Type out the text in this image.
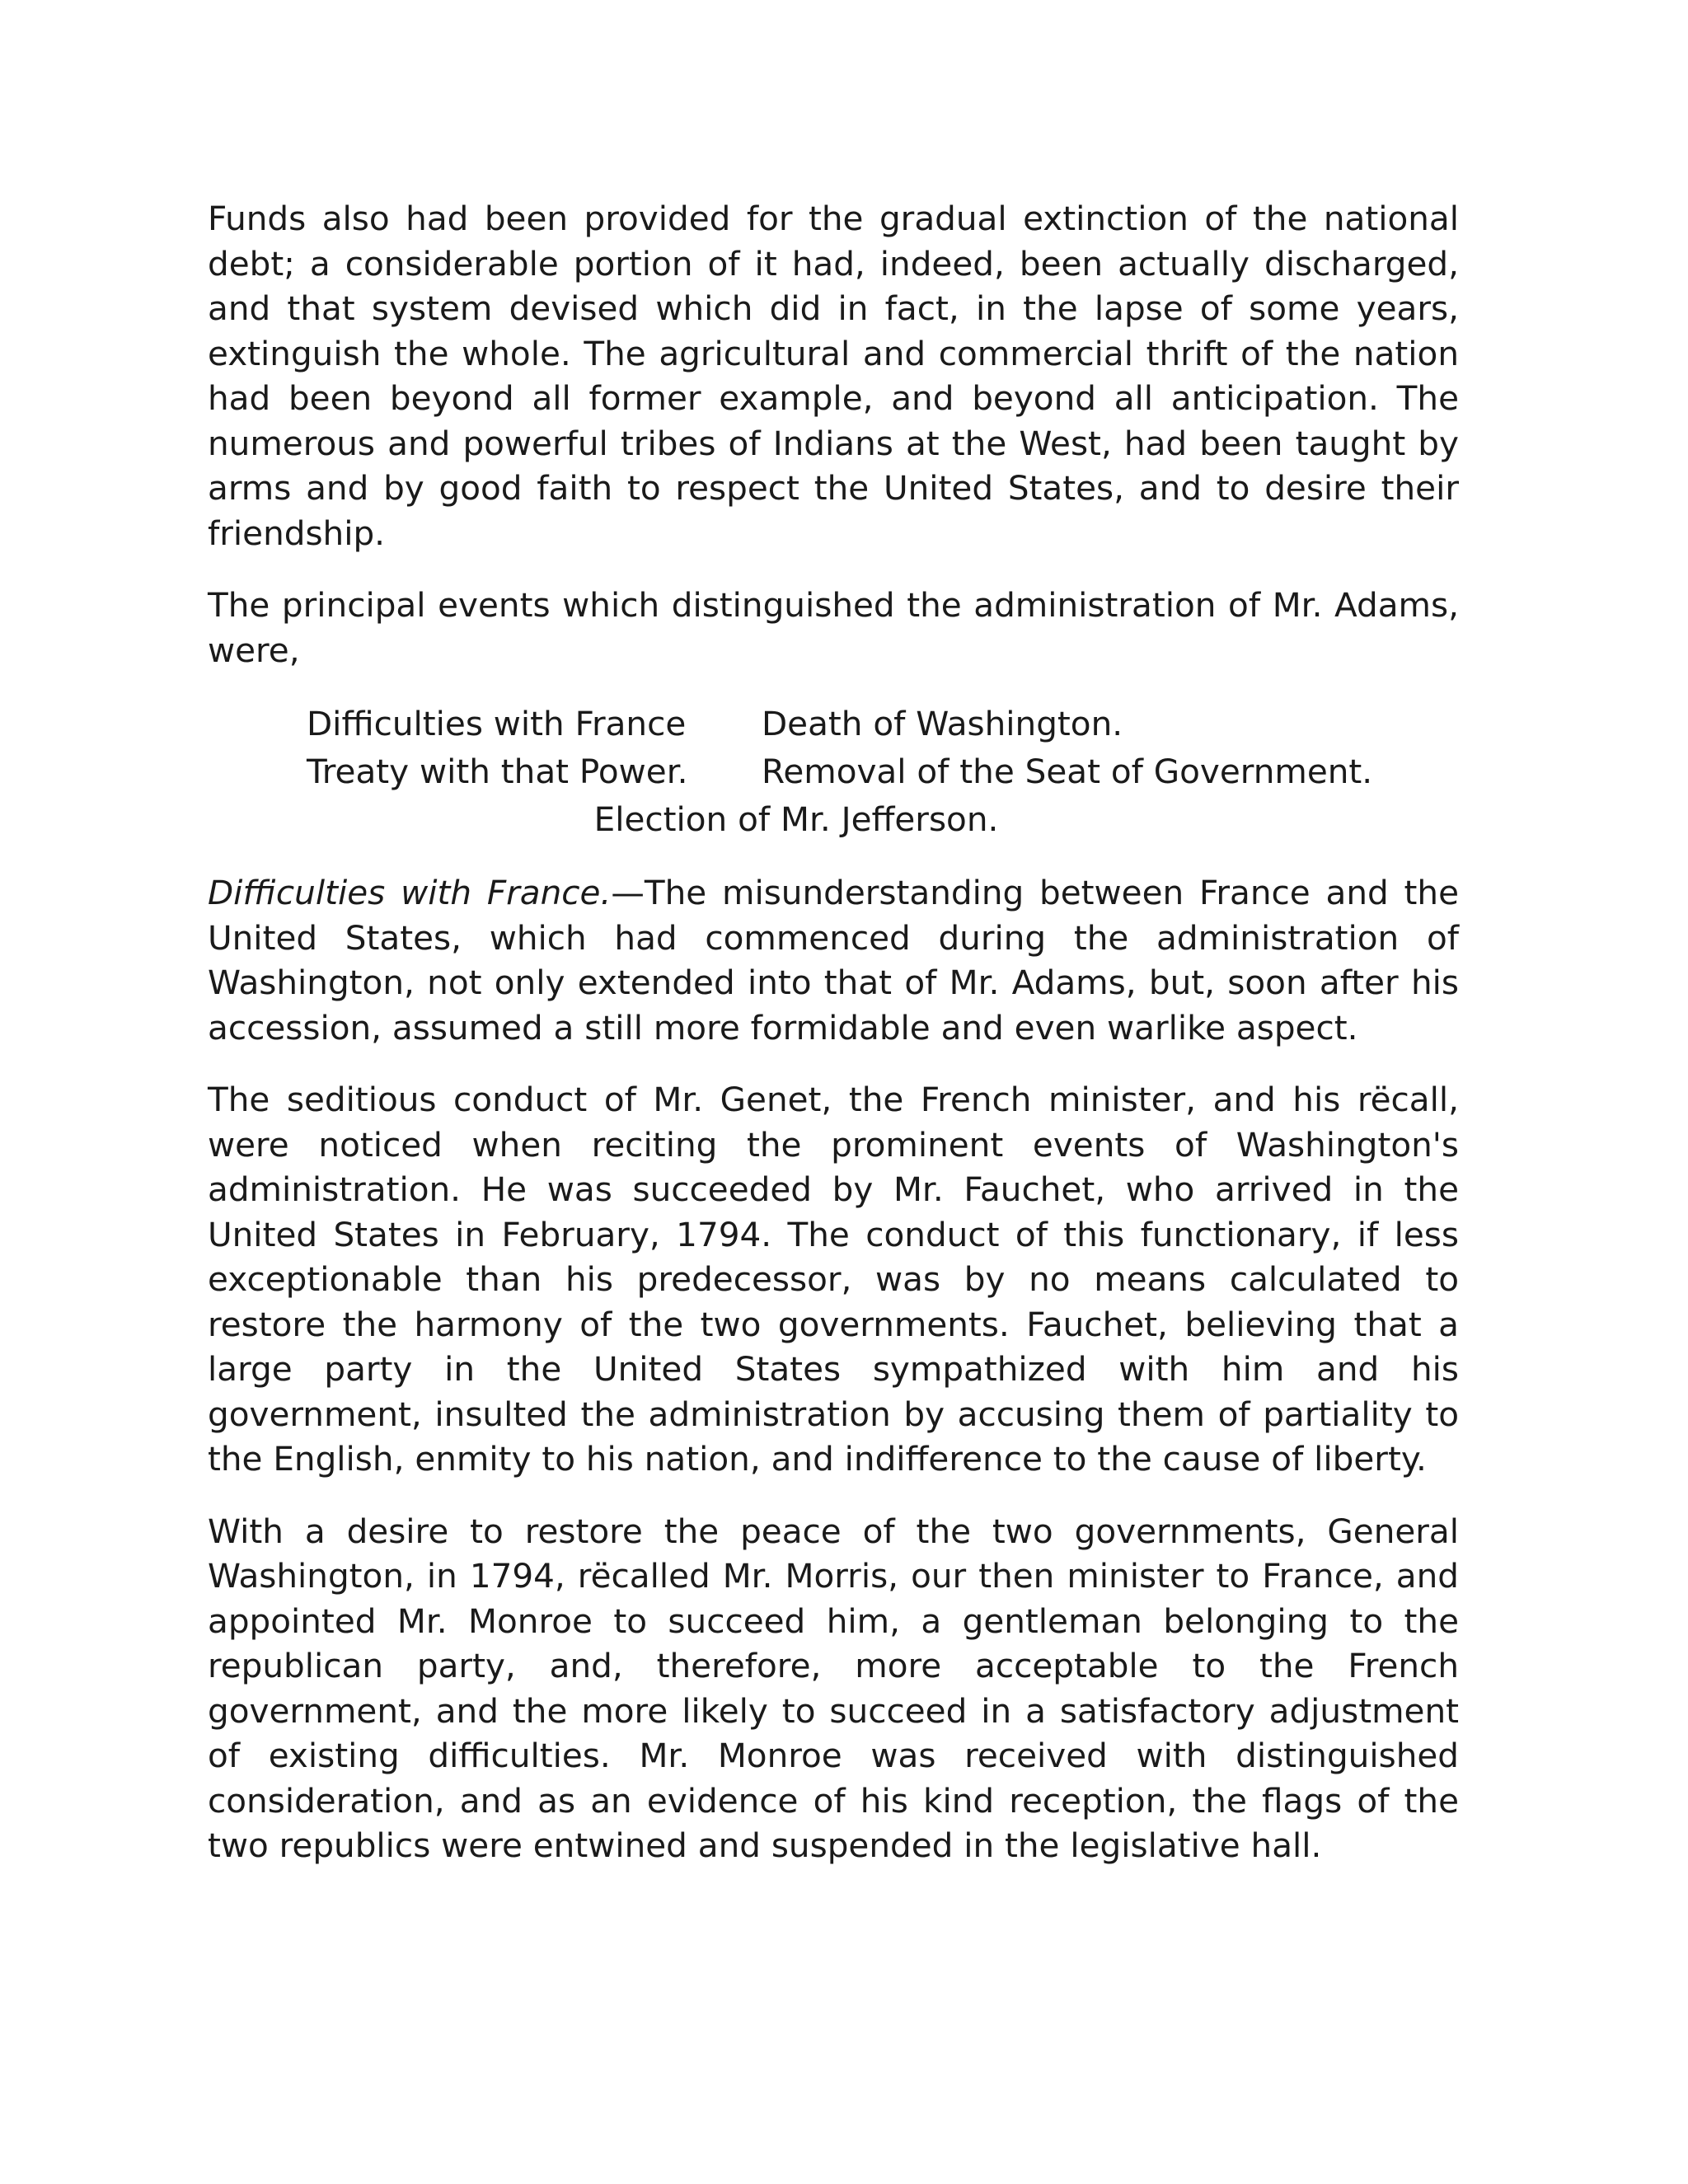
Funds also had been provided for the gradual extinction of the national debt; a considerable portion of it had, indeed, been actually discharged, and that system devised which did in fact, in the lapse of some years, extinguish the whole. The agricultural and commercial thrift of the nation had been beyond all former example, and beyond all anticipation. The numerous and powerful tribes of Indians at the West, had been taught by arms and by good faith to respect the United States, and to desire their friendship.

The principal events which distinguished the administration of Mr. Adams, were,

Difficulties with France	Death of Washington.
Treaty with that Power.	Removal of the Seat of Government.
Election of Mr. Jefferson.

Difficulties with France.—The misunderstanding between France and the United States, which had commenced during the administration of Washington, not only extended into that of Mr. Adams, but, soon after his accession, assumed a still more formidable and even warlike aspect.

The seditious conduct of Mr. Genet, the French minister, and his rëcall, were noticed when reciting the prominent events of Washington's administration. He was succeeded by Mr. Fauchet, who arrived in the United States in February, 1794. The conduct of this functionary, if less exceptionable than his predecessor, was by no means calculated to restore the harmony of the two governments. Fauchet, believing that a large party in the United States sympathized with him and his government, insulted the administration by accusing them of partiality to the English, enmity to his nation, and indifference to the cause of liberty.

With a desire to restore the peace of the two governments, General Washington, in 1794, rëcalled Mr. Morris, our then minister to France, and appointed Mr. Monroe to succeed him, a gentleman belonging to the republican party, and, therefore, more acceptable to the French government, and the more likely to succeed in a satisfactory adjustment of existing difficulties. Mr. Monroe was received with distinguished consideration, and as an evidence of his kind reception, the flags of the two republics were entwined and suspended in the legislative hall.
